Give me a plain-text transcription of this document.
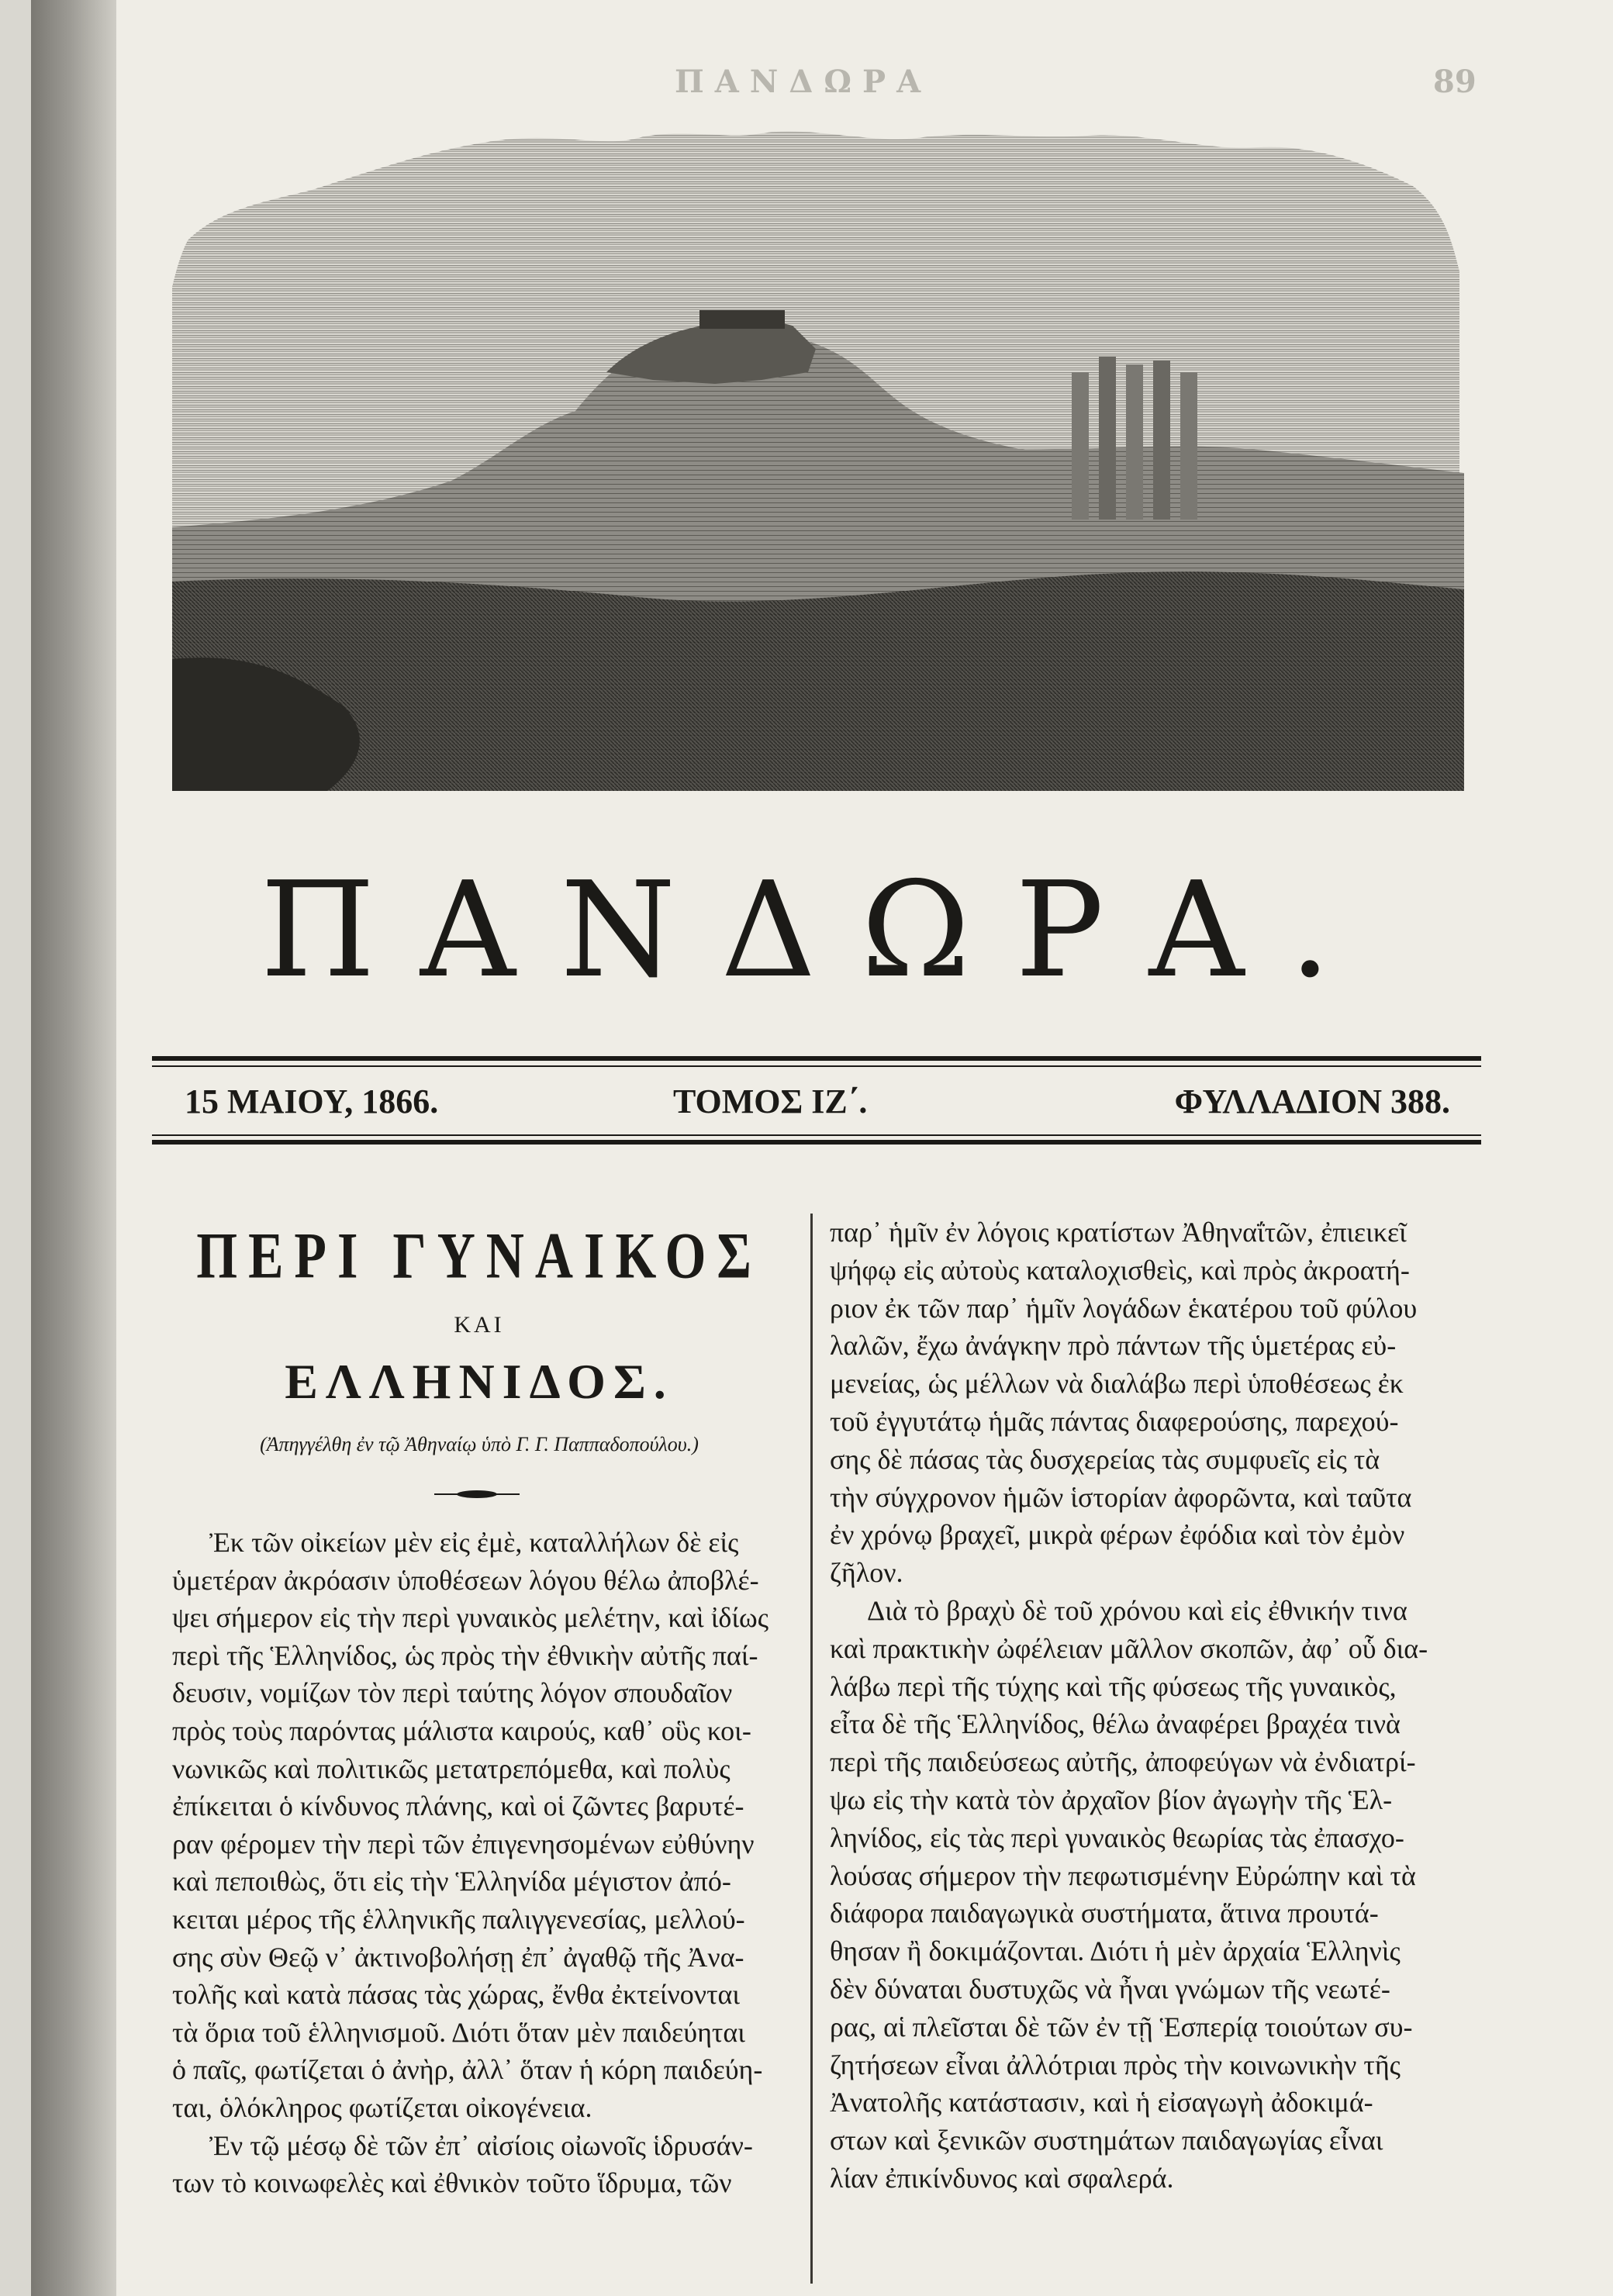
ΠΑΝΔΩΡΑ	89
ΠΑΝΔΩΡΑ.
15 ΜΑΙΟΥ, 1866.	ΤΟΜΟΣ ΙΖ΄.	ΦΥΛΛΑΔΙΟΝ 388.
ΠΕΡΙ ΓΥΝΑΙΚΟΣ
ΚΑΙ
ΕΛΛΗΝΙΔΟΣ.
(Ἀπηγγέλθη ἐν τῷ Ἀθηναίῳ ὑπὸ Γ. Γ. Παππαδοπούλου.)
Ἐκ τῶν οἰκείων μὲν εἰς ἐμὲ, καταλλήλων δὲ εἰς
ὑμετέραν ἀκρόασιν ὑποθέσεων λόγου θέλω ἀποβλέ-
ψει σήμερον εἰς τὴν περὶ γυναικὸς μελέτην, καὶ ἰδίως
περὶ τῆς Ἑλληνίδος, ὡς πρὸς τὴν ἐθνικὴν αὐτῆς παί-
δευσιν, νομίζων τὸν περὶ ταύτης λόγον σπουδαῖον
πρὸς τοὺς παρόντας μάλιστα καιρούς, καθ᾽ οὓς κοι-
νωνικῶς καὶ πολιτικῶς μετατρεπόμεθα, καὶ πολὺς
ἐπίκειται ὁ κίνδυνος πλάνης, καὶ οἱ ζῶντες βαρυτέ-
ραν φέρομεν τὴν περὶ τῶν ἐπιγενησομένων εὐθύνην
καὶ πεποιθὼς, ὅτι εἰς τὴν Ἑλληνίδα μέγιστον ἀπό-
κειται μέρος τῆς ἑλληνικῆς παλιγγενεσίας, μελλού-
σης σὺν Θεῷ ν᾽ ἀκτινοβολήσῃ ἐπ᾽ ἀγαθῷ τῆς Ἀνα-
τολῆς καὶ κατὰ πάσας τὰς χώρας, ἔνθα ἐκτείνονται
τὰ ὅρια τοῦ ἑλληνισμοῦ. Διότι ὅταν μὲν παιδεύηται
ὁ παῖς, φωτίζεται ὁ ἀνὴρ, ἀλλ᾽ ὅταν ἡ κόρη παιδεύη-
ται, ὁλόκληρος φωτίζεται οἰκογένεια.
Ἐν τῷ μέσῳ δὲ τῶν ἐπ᾽ αἰσίοις οἰωνοῖς ἱδρυσάν-
των τὸ κοινωφελὲς καὶ ἐθνικὸν τοῦτο ἵδρυμα, τῶν
παρ᾽ ἡμῖν ἐν λόγοις κρατίστων Ἀθηναΐτῶν, ἐπιεικεῖ
ψήφῳ εἰς αὐτοὺς καταλοχισθεὶς, καὶ πρὸς ἀκροατή-
ριον ἐκ τῶν παρ᾽ ἡμῖν λογάδων ἑκατέρου τοῦ φύλου
λαλῶν, ἔχω ἀνάγκην πρὸ πάντων τῆς ὑμετέρας εὐ-
μενείας, ὡς μέλλων νὰ διαλάβω περὶ ὑποθέσεως ἐκ
τοῦ ἐγγυτάτῳ ἡμᾶς πάντας διαφερούσης, παρεχού-
σης δὲ πάσας τὰς δυσχερείας τὰς συμφυεῖς εἰς τὰ
τὴν σύγχρονον ἡμῶν ἱστορίαν ἀφορῶντα, καὶ ταῦτα
ἐν χρόνῳ βραχεῖ, μικρὰ φέρων ἐφόδια καὶ τὸν ἐμὸν
ζῆλον.
Διὰ τὸ βραχὺ δὲ τοῦ χρόνου καὶ εἰς ἐθνικήν τινα
καὶ πρακτικὴν ὠφέλειαν μᾶλλον σκοπῶν, ἀφ᾽ οὗ δια-
λάβω περὶ τῆς τύχης καὶ τῆς φύσεως τῆς γυναικὸς,
εἶτα δὲ τῆς Ἑλληνίδος, θέλω ἀναφέρει βραχέα τινὰ
περὶ τῆς παιδεύσεως αὐτῆς, ἀποφεύγων νὰ ἐνδιατρί-
ψω εἰς τὴν κατὰ τὸν ἀρχαῖον βίον ἀγωγὴν τῆς Ἑλ-
ληνίδος, εἰς τὰς περὶ γυναικὸς θεωρίας τὰς ἐπασχο-
λούσας σήμερον τὴν πεφωτισμένην Εὐρώπην καὶ τὰ
διάφορα παιδαγωγικὰ συστήματα, ἅτινα προυτά-
θησαν ἢ δοκιμάζονται. Διότι ἡ μὲν ἀρχαία Ἑλληνὶς
δὲν δύναται δυστυχῶς νὰ ἦναι γνώμων τῆς νεωτέ-
ρας, αἱ πλεῖσται δὲ τῶν ἐν τῇ Ἑσπερίᾳ τοιούτων συ-
ζητήσεων εἶναι ἀλλότριαι πρὸς τὴν κοινωνικὴν τῆς
Ἀνατολῆς κατάστασιν, καὶ ἡ εἰσαγωγὴ ἀδοκιμά-
στων καὶ ξενικῶν συστημάτων παιδαγωγίας εἶναι
λίαν ἐπικίνδυνος καὶ σφαλερά.
